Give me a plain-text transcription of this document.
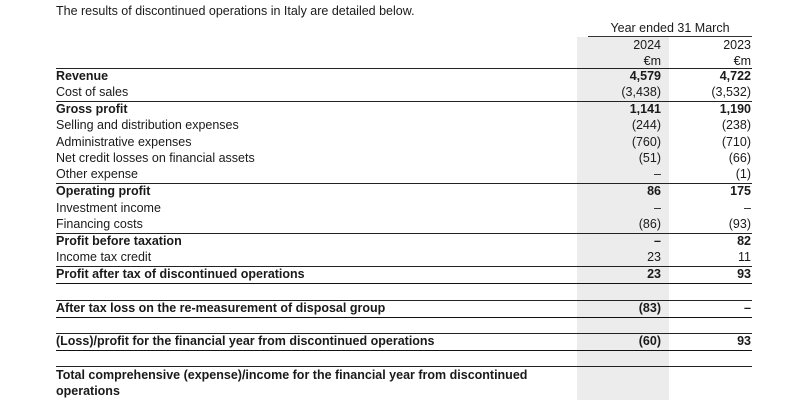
The results of discontinued operations in Italy are detailed below.
Year ended 31 March
2024	2023
€m	€m
Revenue	4,579	4,722
Cost of sales	(3,438)	(3,532)
Gross profit	1,141	1,190
Selling and distribution expenses	(244)	(238)
Administrative expenses	(760)	(710)
Net credit losses on financial assets	(51)	(66)
Other expense	–	(1)
Operating profit	86	175
Investment income	–	–
Financing costs	(86)	(93)
Profit before taxation	–	82
Income tax credit	23	11
Profit after tax of discontinued operations	23	93
After tax loss on the re-measurement of disposal group	(83)	–
(Loss)/profit for the financial year from discontinued operations	(60)	93
Total comprehensive (expense)/income for the financial year from discontinued
operations
